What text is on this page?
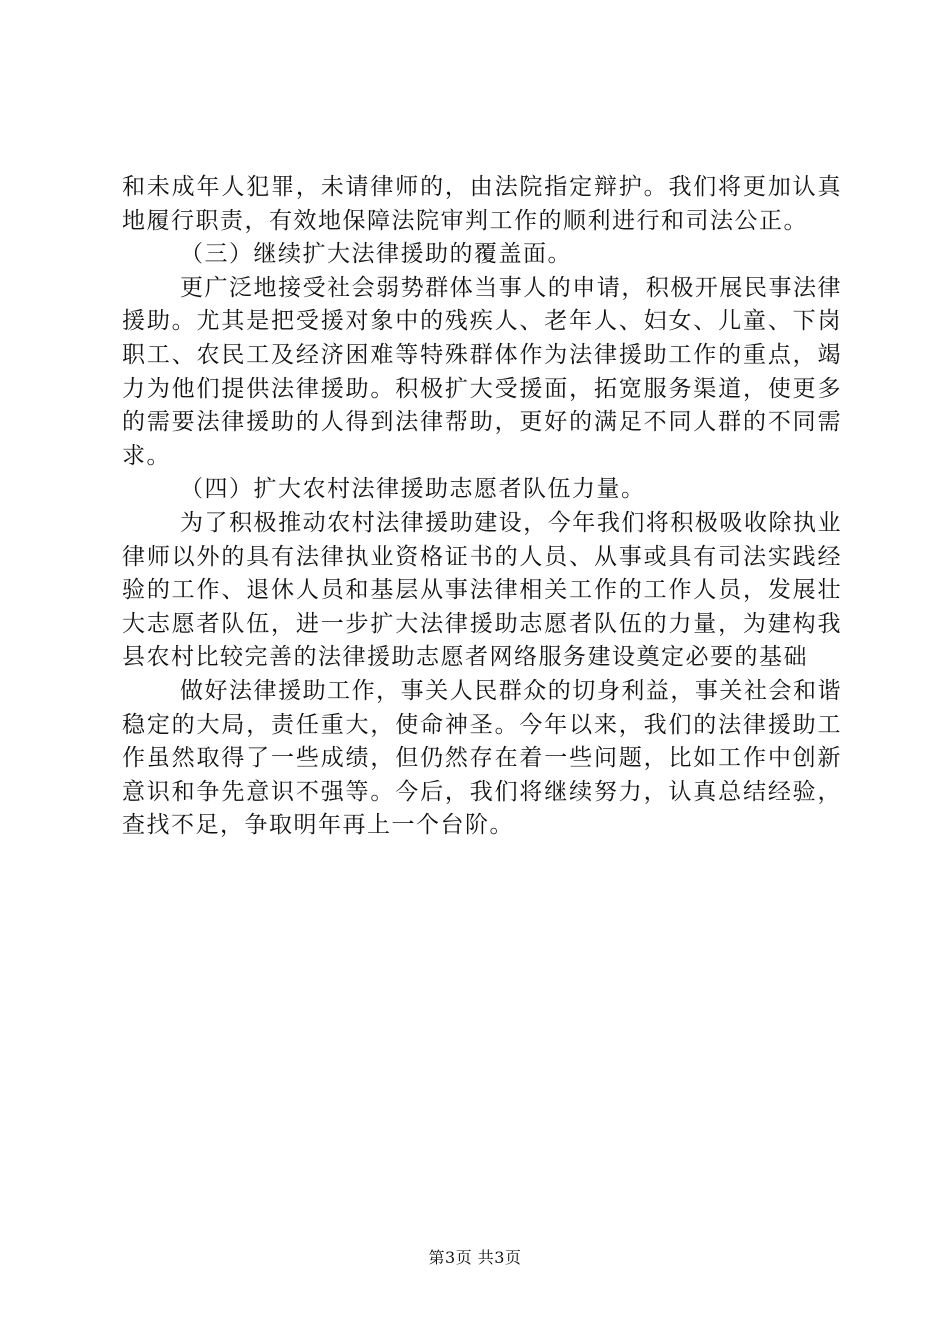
和未成年人犯罪，未请律师的，由法院指定辩护。我们将更加认真地履行职责，有效地保障法院审判工作的顺利进行和司法公正。

（三）继续扩大法律援助的覆盖面。

更广泛地接受社会弱势群体当事人的申请，积极开展民事法律援助。尤其是把受援对象中的残疾人、老年人、妇女、儿童、下岗职工、农民工及经济困难等特殊群体作为法律援助工作的重点，竭力为他们提供法律援助。积极扩大受援面，拓宽服务渠道，使更多的需要法律援助的人得到法律帮助，更好的满足不同人群的不同需求。

（四）扩大农村法律援助志愿者队伍力量。

为了积极推动农村法律援助建设，今年我们将积极吸收除执业律师以外的具有法律执业资格证书的人员、从事或具有司法实践经验的工作、退休人员和基层从事法律相关工作的工作人员，发展壮大志愿者队伍，进一步扩大法律援助志愿者队伍的力量，为建构我县农村比较完善的法律援助志愿者网络服务建设奠定必要的基础

做好法律援助工作，事关人民群众的切身利益，事关社会和谐稳定的大局，责任重大，使命神圣。今年以来，我们的法律援助工作虽然取得了一些成绩，但仍然存在着一些问题，比如工作中创新意识和争先意识不强等。今后，我们将继续努力，认真总结经验，查找不足，争取明年再上一个台阶。

第3页 共3页
